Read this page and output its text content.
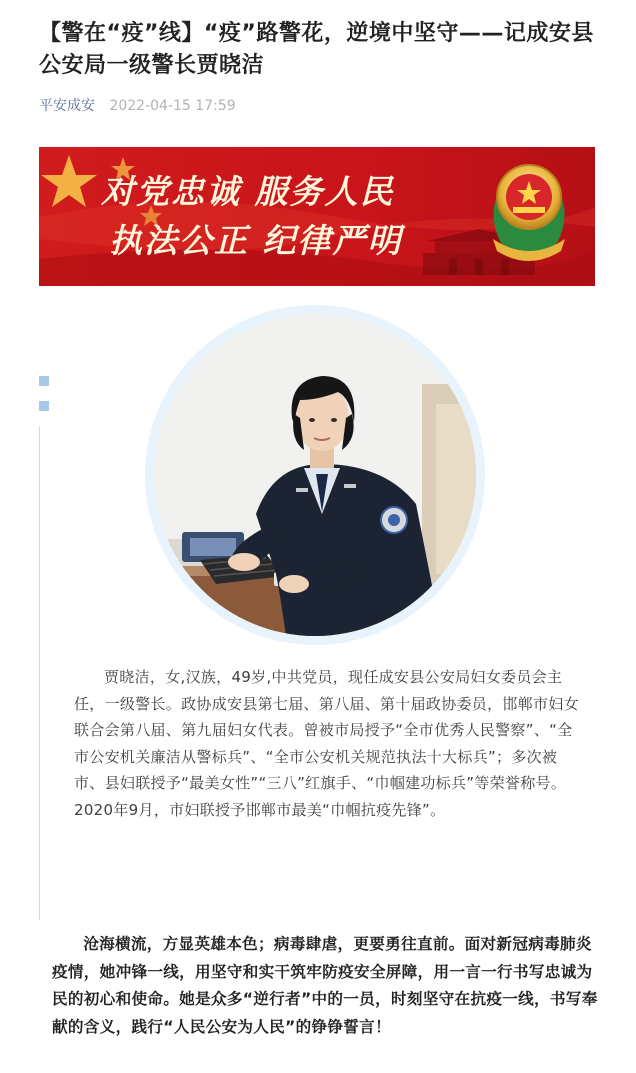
【警在“疫”线】“疫”路警花，逆境中坚守——记成安县公安局一级警长贾晓洁
平安成安 2022-04-15 17:59
对党忠诚 服务人民
执法公正 纪律严明

贾晓洁，女,汉族，49岁,中共党员，现任成安县公安局妇女委员会主任，一级警长。政协成安县第七届、第八届、第十届政协委员，邯郸市妇女联合会第八届、第九届妇女代表。曾被市局授予“全市优秀人民警察”、“全市公安机关廉洁从警标兵”、“全市公安机关规范执法十大标兵”；多次被市、县妇联授予“最美女性”“三八”红旗手、“巾帼建功标兵”等荣誉称号。2020年9月，市妇联授予邯郸市最美“巾帼抗疫先锋”。

沧海横流，方显英雄本色；病毒肆虐，更要勇往直前。面对新冠病毒肺炎疫情，她冲锋一线，用坚守和实干筑牢防疫安全屏障，用一言一行书写忠诚为民的初心和使命。她是众多“逆行者”中的一员，时刻坚守在抗疫一线，书写奉献的含义，践行“人民公安为人民”的铮铮誓言！
